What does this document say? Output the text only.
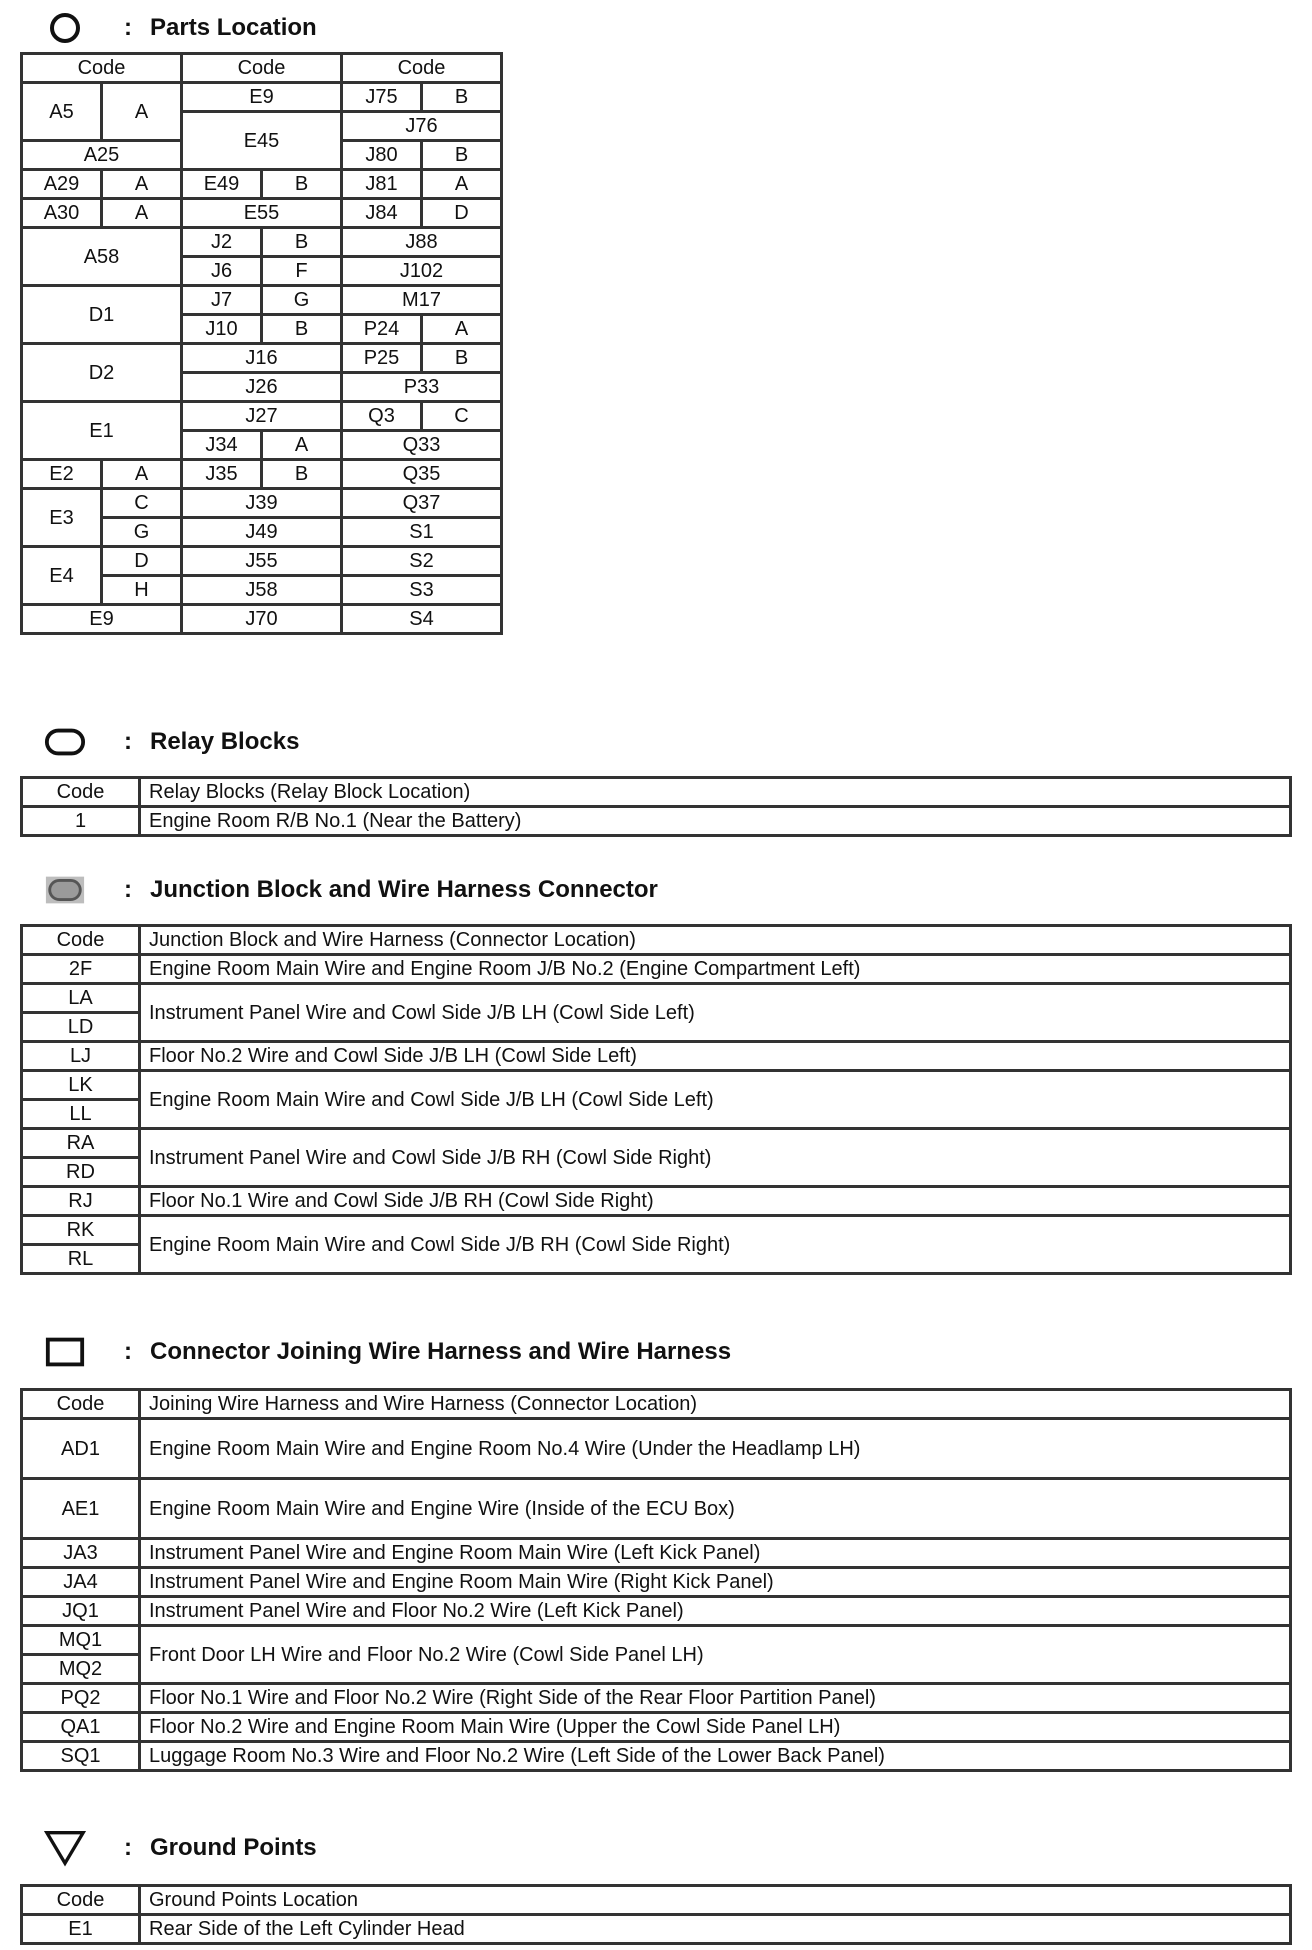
: Parts Location
Code		Code		Code	
A5	A	E9		J75	B
		E45		J76	
A25				J80	B
A29	A	E49	B	J81	A
A30	A	E55		J84	D
A58		J2	B	J88	
		J6	F	J102	
D1		J7	G	M17	
		J10	B	P24	A
D2		J16		P25	B
		J26		P33	
E1		J27		Q3	C
		J34	A	Q33	
E2	A	J35	B	Q35	
E3	C	J39		Q37	
	G	J49		S1	
E4	D	J55		S2	
	H	J58		S3	
E9		J70		S4	
: Relay Blocks
Code	Relay Blocks (Relay Block Location)
1	Engine Room R/B No.1 (Near the Battery)
: Junction Block and Wire Harness Connector
Code	Junction Block and Wire Harness (Connector Location)
2F	Engine Room Main Wire and Engine Room J/B No.2 (Engine Compartment Left)
LA	Instrument Panel Wire and Cowl Side J/B LH (Cowl Side Left)
LD	
LJ	Floor No.2 Wire and Cowl Side J/B LH (Cowl Side Left)
LK	Engine Room Main Wire and Cowl Side J/B LH (Cowl Side Left)
LL	
RA	Instrument Panel Wire and Cowl Side J/B RH (Cowl Side Right)
RD	
RJ	Floor No.1 Wire and Cowl Side J/B RH (Cowl Side Right)
RK	Engine Room Main Wire and Cowl Side J/B RH (Cowl Side Right)
RL	
: Connector Joining Wire Harness and Wire Harness
Code	Joining Wire Harness and Wire Harness (Connector Location)
AD1	Engine Room Main Wire and Engine Room No.4 Wire (Under the Headlamp LH)
AE1	Engine Room Main Wire and Engine Wire (Inside of the ECU Box)
JA3	Instrument Panel Wire and Engine Room Main Wire (Left Kick Panel)
JA4	Instrument Panel Wire and Engine Room Main Wire (Right Kick Panel)
JQ1	Instrument Panel Wire and Floor No.2 Wire (Left Kick Panel)
MQ1	Front Door LH Wire and Floor No.2 Wire (Cowl Side Panel LH)
MQ2	
PQ2	Floor No.1 Wire and Floor No.2 Wire (Right Side of the Rear Floor Partition Panel)
QA1	Floor No.2 Wire and Engine Room Main Wire (Upper the Cowl Side Panel LH)
SQ1	Luggage Room No.3 Wire and Floor No.2 Wire (Left Side of the Lower Back Panel)
: Ground Points
Code	Ground Points Location
E1	Rear Side of the Left Cylinder Head
